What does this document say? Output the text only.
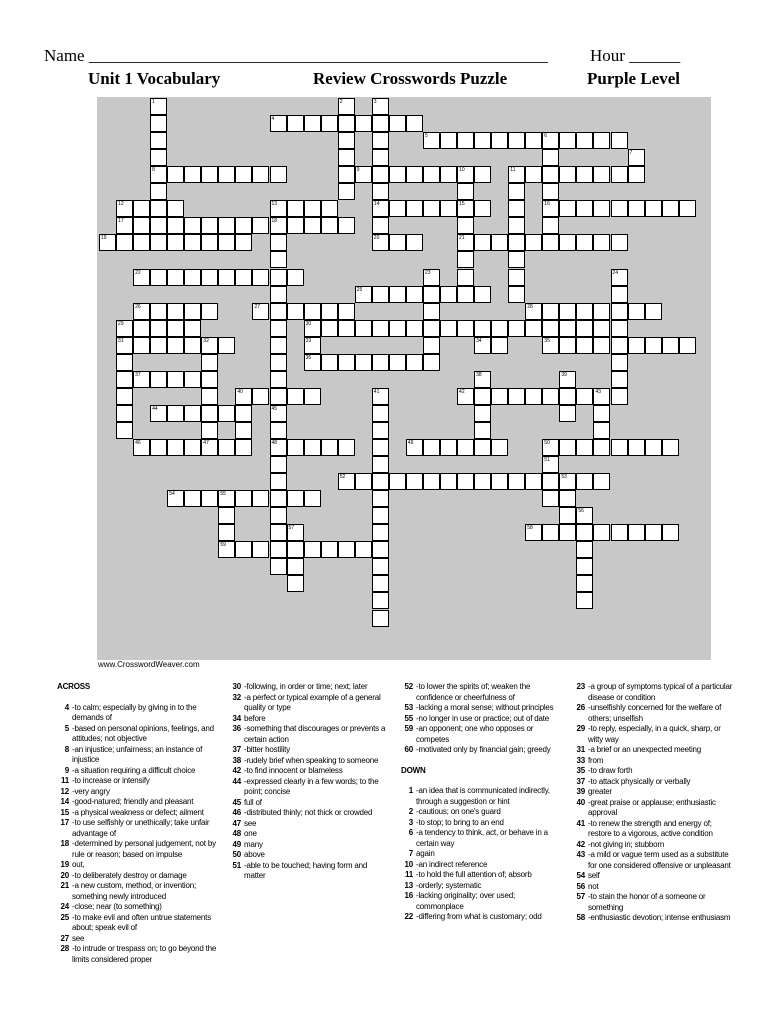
Name ______________________________________________________ Hour ______
Unit 1 Vocabulary	Review Crosswords Puzzle	Purple Level
1	2	3
4
5	6
7
8	9	10	11
12	13	14	15	16
17	18
19	20	21
22	23	24
25
26	27	28
29	30
31	32	33	34	35
36
37	38	39
40	41	42	43
44	45
46	47	48	49	50
51
52	53
54	55
56
57	58
59
www.CrosswordWeaver.com
ACROSS
4 -to calm; especially by giving in to the demands of
5 -based on personal opinions, feelings, and attitudes; not objective
8 -an injustice; unfairness; an instance of injustice
9 -a situation requiring a difficult choice
11 -to increase or intensify
12 -very angry
14 -good-natured; friendly and pleasant
15 -a physical weakness or defect; ailment
17 -to use selfishly or unethically; take unfair advantage of
18 -determined by personal judgement, not by rule or reason; based on impulse
19 out,
20 -to deliberately destroy or damage
21 -a new custom, method, or invention; something newly introduced
24 -close; near (to something)
25 -to make evil and often untrue statements about; speak evil of
27 see
28 -to intrude or trespass on; to go beyond the limits considered proper
30 -following, in order or time; next; later
32 -a perfect or typical example of a general quality or type
34 before
36 -something that discourages or prevents a certain action
37 -bitter hostility
38 -rudely brief when speaking to someone
42 -to find innocent or blameless
44 -expressed clearly in a few words; to the point; concise
45 full of
46 -distributed thinly; not thick or crowded
47 see
48 one
49 many
50 above
51 -able to be touched; having form and matter
52 -to lower the spirits of; weaken the confidence or cheerfulness of
53 -lacking a moral sense; without principles
55 -no longer in use or practice; out of date
59 -an opponent; one who opposes or competes
60 -motivated only by financial gain; greedy
DOWN
1 -an idea that is communicated indirectly, through a suggestion or hint
2 -cautious; on one's guard
3 -to stop; to bring to an end
6 -a tendency to think, act, or behave in a certain way
7 again
10 -an indirect reference
11 -to hold the full attention of; absorb
13 -orderly; systematic
16 -lacking originality; over used; commonplace
22 -differing from what is customary; odd
23 -a group of symptoms typical of a particular disease or condition
26 -unselfishly concerned for the welfare of others; unselfish
29 -to reply, especially, in a quick, sharp, or witty way
31 -a brief or an unexpected meeting
33 from
35 -to draw forth
37 -to attack physically or verbally
39 greater
40 -great praise or applause; enthusiastic approval
41 -to renew the strength and energy of; restore to a vigorous, active condition
42 -not giving in; stubborn
43 -a mild or vague term used as a substitute for one considered offensive or unpleasant
54 self
56 not
57 -to stain the honor of a someone or something
58 -enthusiastic devotion; intense enthusiasm
